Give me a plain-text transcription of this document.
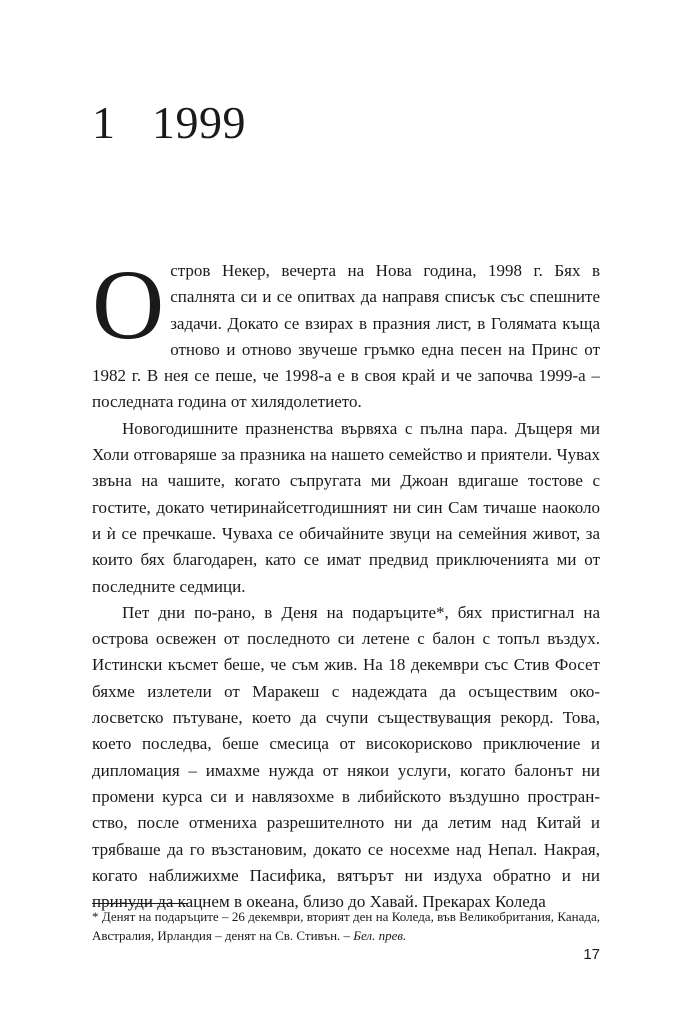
1 1999

Остров Некер, вечерта на Нова година, 1998 г. Бях в спалнята си и се опитвах да направя списък със спешните задачи. Докато се взирах в празния лист, в Голямата къща отново и отново звучеше гръмко една песен на Принс от 1982 г. В нея се пеше, че 1998-а е в своя край и че започва 1999-а – последната година от хилядолетието.

Новогодишните празненства вървяха с пълна пара. Дъщеря ми Холи отговаряше за празника на нашето семейство и приятели. Чувах звъна на чашите, когато съпругата ми Джоан вдигаше тостове с гостите, докато четиринайсетгодишният ни син Сам тичаше наоколо и ѝ се пречкаше. Чуваха се обичайните звуци на семейния живот, за които бях благодарен, като се имат предвид приключенията ми от последните седмици.

Пет дни по-рано, в Деня на подаръците*, бях пристигнал на острова освежен от последното си летене с балон с топъл въздух. Истински късмет беше, че съм жив. На 18 декември със Стив Фосет бяхме излетели от Маракеш с надеждата да осъществим околосветско пътуване, което да счупи съществуващия рекорд. Това, което последва, беше смесица от високорисково приключение и дипломация – имахме нужда от някои услуги, когато балонът ни промени курса си и навлязохме в либийското въздушно пространство, после отмениха разрешителното ни да летим над Китай и трябваше да го възстановим, докато се носехме над Непал. Накрая, когато наближихме Пасифика, вятърът ни издуха обратно и ни принуди да кацнем в океана, близо до Хавай. Прекарах Коледа

* Денят на подаръците – 26 декември, вторият ден на Коледа, във Великобритания, Канада, Австралия, Ирландия – денят на Св. Стивън. – Бел. прев.
17
